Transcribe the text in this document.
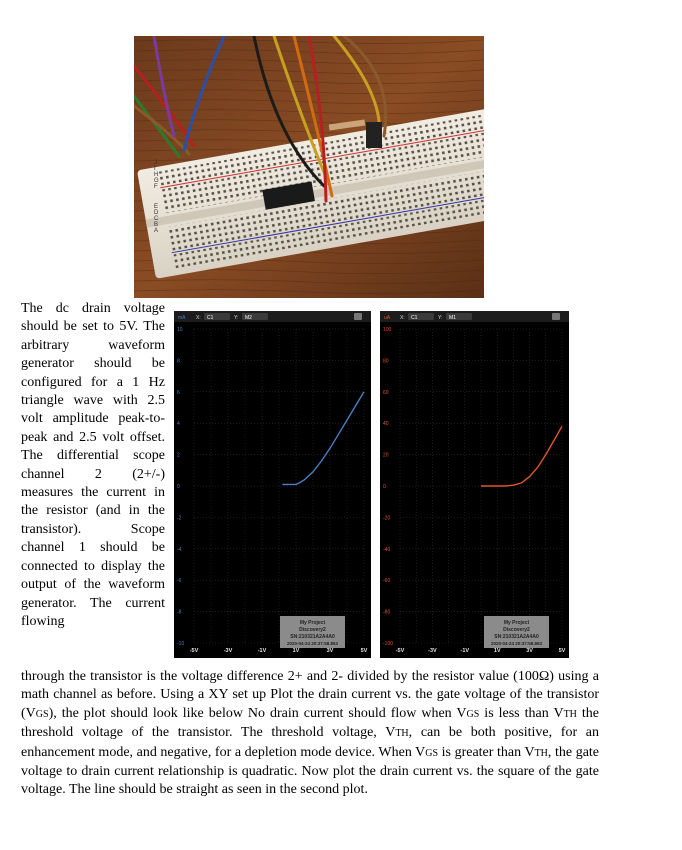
J
I
H
G
F
E
D
C
B
A

The dc drain voltage should be set to 5V. The arbitrary waveform generator should be configured for a 1 Hz triangle wave with 2.5 volt amplitude peak-to-peak and 2.5 volt offset. The differential scope channel 2 (2+/-) measures the current in the resistor (and in the transistor). Scope channel 1 should be connected to display the output of the waveform generator. The current flowing

mA X: C1	Y: M2
10
8
6
4
2
0
-2
-4
-6
-8
-10
-5V	-3V	-1V	1V	3V	5V
My Project
Discovery2
SN:210321A2A4A0
2020-04-24 20:37:58.863
uA X: C1	Y: M1
100
80
60
40
20
0
-20
-40
-60
-80
-100
-5V	-3V	-1V	1V	3V	5V
My Project
Discovery2
SN:210321A2A4A0
2020-04-24 20:37:58.863

through the transistor is the voltage difference 2+ and 2- divided by the resistor value (100Ω) using a math channel as before. Using a XY set up Plot the drain current vs. the gate voltage of the transistor (VGS), the plot should look like below No drain current should flow when VGS is less than VTH the threshold voltage of the transistor. The threshold voltage, VTH, can be both positive, for an enhancement mode, and negative, for a depletion mode device. When VGS is greater than VTH, the gate voltage to drain current relationship is quadratic. Now plot the drain current vs. the square of the gate voltage. The line should be straight as seen in the second plot.
